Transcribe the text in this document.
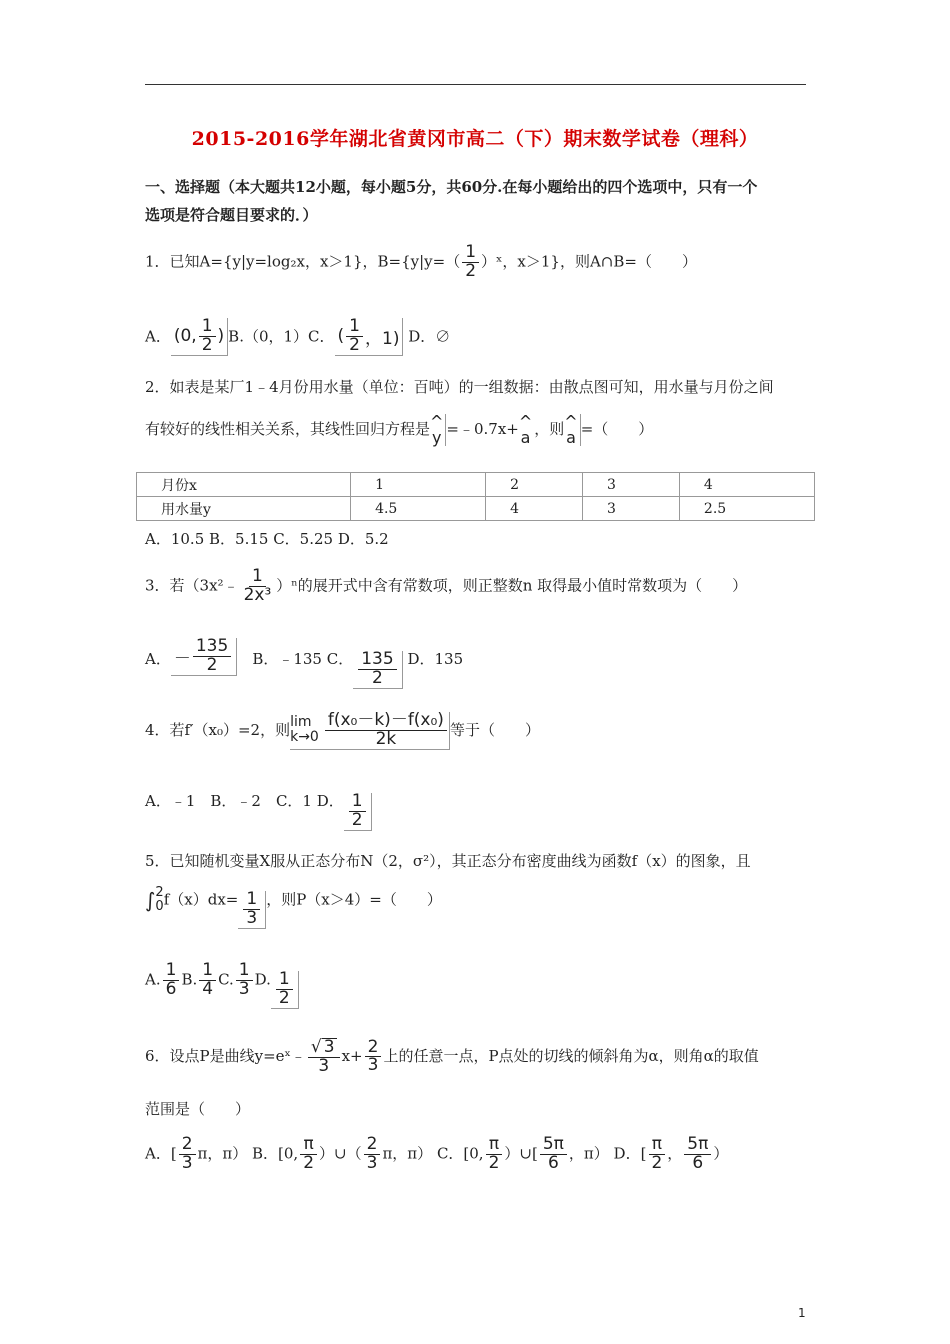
2015-2016学年湖北省黄冈市高二（下）期末数学试卷（理科）
一、选择题（本大题共12小题，每小题5分，共60分.在每小题给出的四个选项中，只有一个
选项是符合题目要求的．）
1．已知A={y|y=log₂x，x＞1}，$B=\{y|y=( \frac{1}{2}$ ）ˣ，x＞1}，则A∩B=（　　）
A． (0, $\frac{1}{2}$ ) B.（0，1）C． ( $\frac{1}{2}$ ，1) D．∅
2．如表是某厂1﹣4月份用水量（单位：百吨）的一组数据：由散点图可知，用水量与月份之间
有较好的线性相关关系，其线性回归方程是 ^
y =﹣0.7x+ ^
a ，则 ^
a =（　　）
月份x	1	2	3	4
用水量y	4.5	4	3	2.5
A．10.5 B．5.15 C．5.25 D．5.2
3．若（3x²﹣ $\frac{1}{\text{2x³}} )^n$的展开式中含有常数项，则正整数n 取得最小值时常数项为（　　）
A． － $\frac{135}{2}$
　 B．﹣135 C． $\frac{135}{2}$ D．135
4．若f′（x₀）=2，则 lim
$k\to 0 \frac{\text{f(x₀－k)－f(x₀)}}{2k}$ 等于（　　）
A．﹣1　B．﹣2　C．1 D． $\frac{1}{2}$
5．已知随机变量X服从正态分布N（2，σ²），其正态分布密度曲线为函数f（x）的图象，且
∫ 2
0 $f(x)dx= \frac{1}{3}$ ，则P（x＞4）=（　　）
A. $\frac{1}{6} B$. $\frac{1}{4} C$. $\frac{1}{3} D$. $\frac{1}{2}$
6．设点P是曲线y=eˣ﹣ $\frac{√ 3}{3} x+ \frac{2}{3}$ 上的任意一点，P点处的切线的倾斜角为α，则角α的取值
范围是（　　）
A．[ $\frac{2}{3}$ π，π） B．[0, $\frac{\pi}{2}$ ）∪（ $\frac{2}{3}$ π，π） C．[0, $\frac{\pi}{2}$ ）∪[ $\frac{5\pi}{6}$ ，π） D．[ $\frac{\pi}{2}$ ， $\frac{5\pi}{6}$ ）
1
